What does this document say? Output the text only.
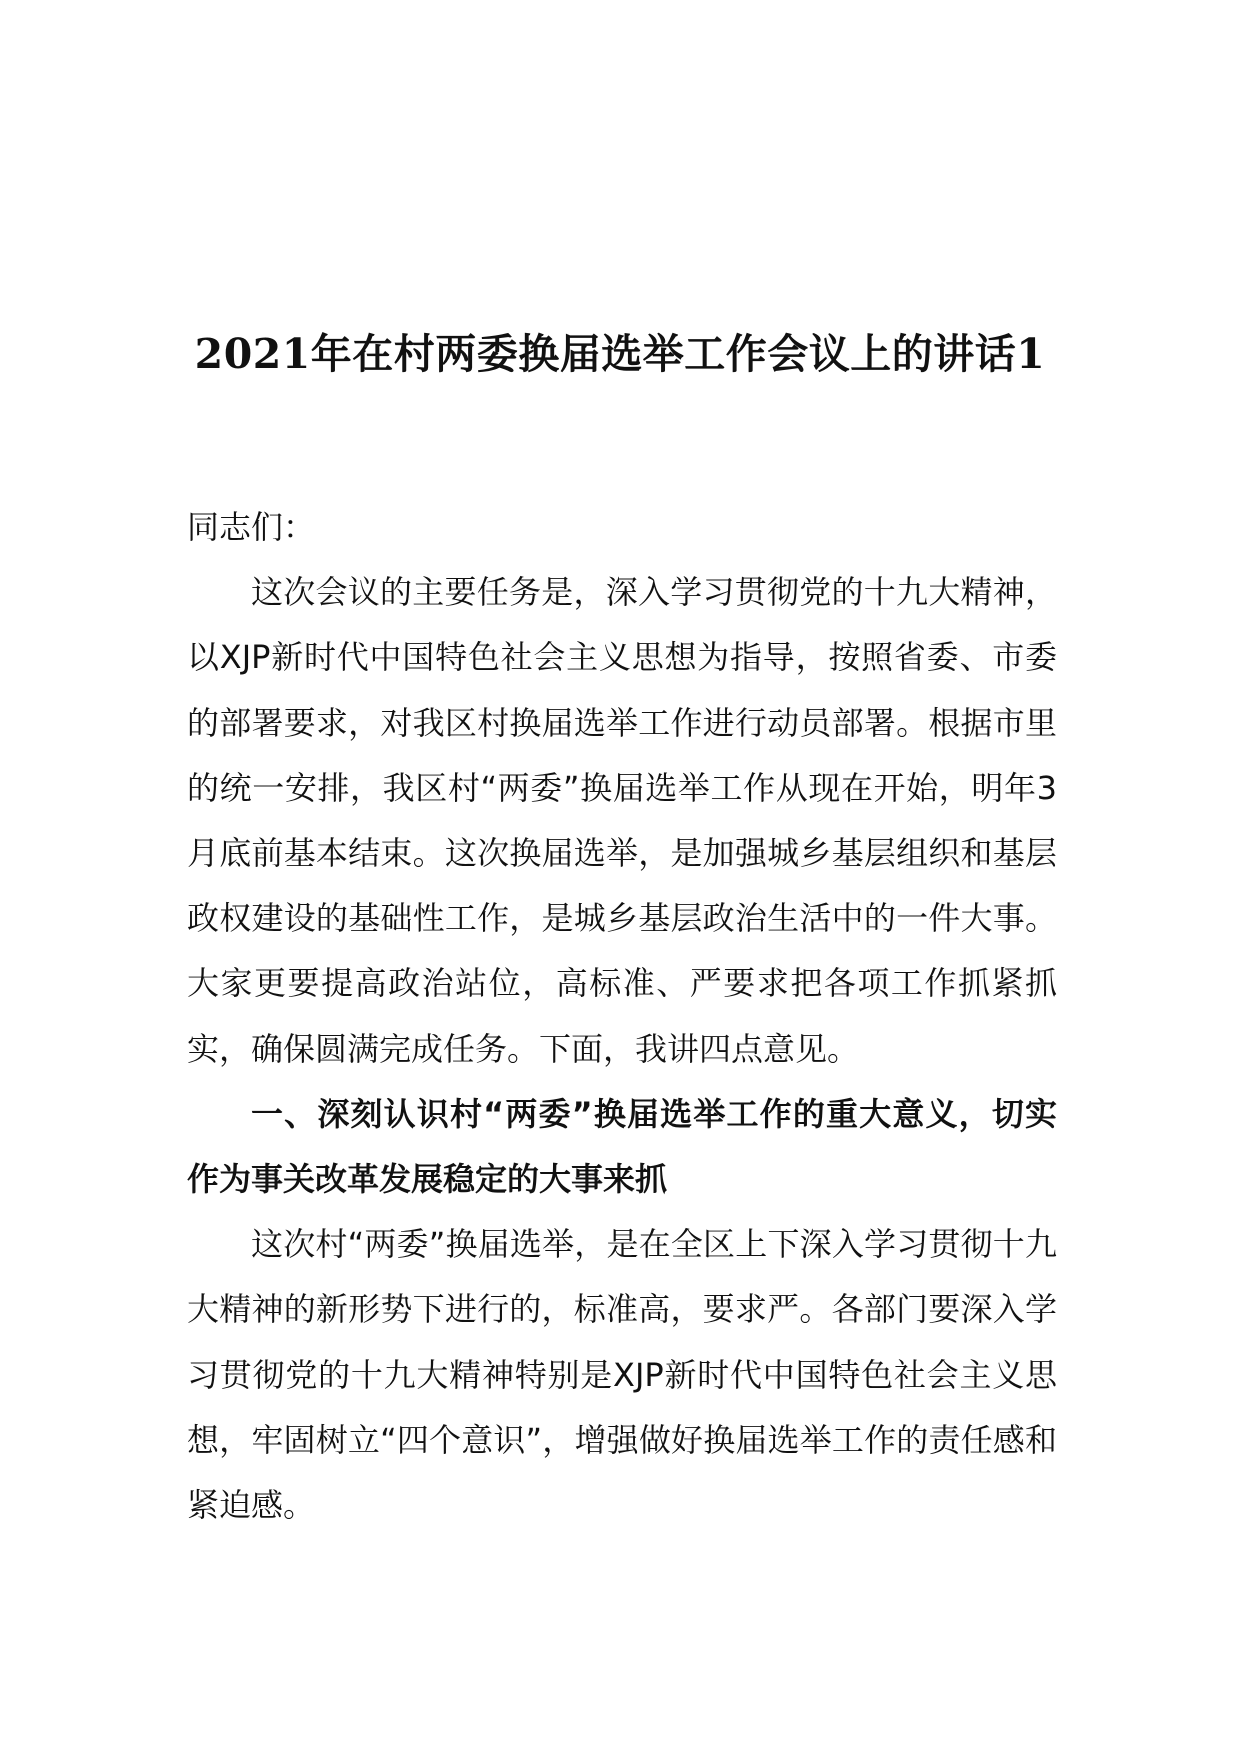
2021年在村两委换届选举工作会议上的讲话1

同志们：

这次会议的主要任务是，深入学习贯彻党的十九大精神，以XJP新时代中国特色社会主义思想为指导，按照省委、市委的部署要求，对我区村换届选举工作进行动员部署。根据市里的统一安排，我区村“两委”换届选举工作从现在开始，明年3月底前基本结束。这次换届选举，是加强城乡基层组织和基层政权建设的基础性工作，是城乡基层政治生活中的一件大事。大家更要提高政治站位，高标准、严要求把各项工作抓紧抓实，确保圆满完成任务。下面，我讲四点意见。

一、深刻认识村“两委”换届选举工作的重大意义，切实作为事关改革发展稳定的大事来抓

这次村“两委”换届选举，是在全区上下深入学习贯彻十九大精神的新形势下进行的，标准高，要求严。各部门要深入学习贯彻党的十九大精神特别是XJP新时代中国特色社会主义思想，牢固树立“四个意识”，增强做好换届选举工作的责任感和紧迫感。
